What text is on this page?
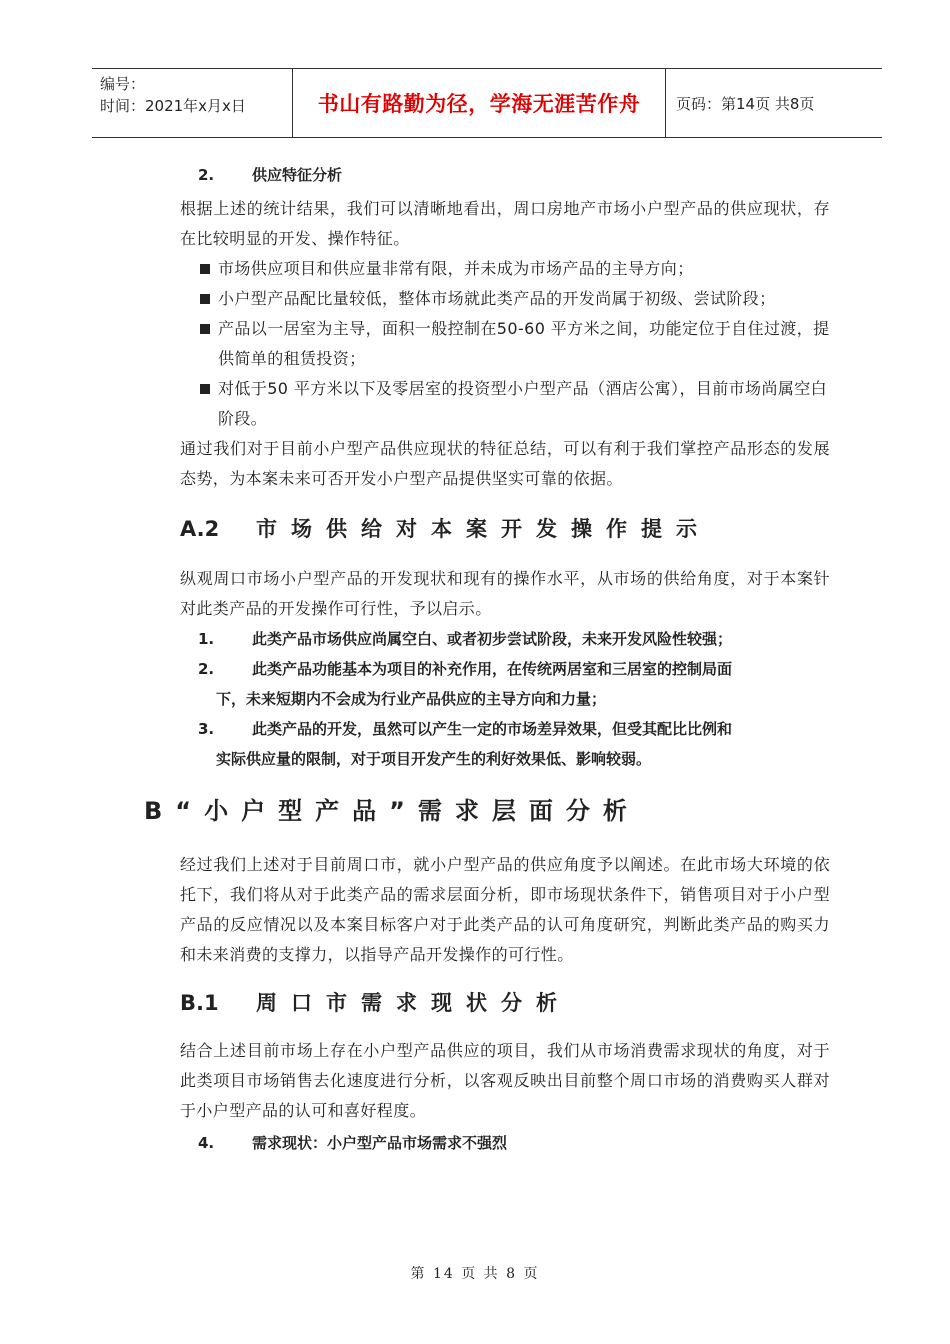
编号：
时间：2021年x月x日	书山有路勤为径，学海无涯苦作舟	页码：第14页 共8页
2.	供应特征分析

根据上述的统计结果，我们可以清晰地看出，周口房地产市场小户型产品的供应现状，存在比较明显的开发、操作特征。

市场供应项目和供应量非常有限，并未成为市场产品的主导方向；
小户型产品配比量较低，整体市场就此类产品的开发尚属于初级、尝试阶段；
产品以一居室为主导，面积一般控制在50-60 平方米之间，功能定位于自住过渡，提供简单的租赁投资；
对低于50 平方米以下及零居室的投资型小户型产品（酒店公寓），目前市场尚属空白阶段。

通过我们对于目前小户型产品供应现状的特征总结，可以有利于我们掌控产品形态的发展态势，为本案未来可否开发小户型产品提供坚实可靠的依据。

A.2	市场供给对本案开发操作提示

纵观周口市场小户型产品的开发现状和现有的操作水平，从市场的供给角度，对于本案针对此类产品的开发操作可行性，予以启示。

1.	此类产品市场供应尚属空白、或者初步尝试阶段，未来开发风险性较强；
2.	此类产品功能基本为项目的补充作用，在传统两居室和三居室的控制局面
下，未来短期内不会成为行业产品供应的主导方向和力量；
3.	此类产品的开发，虽然可以产生一定的市场差异效果，但受其配比比例和
实际供应量的限制，对于项目开发产生的利好效果低、影响较弱。
B“小户型产品”需求层面分析

经过我们上述对于目前周口市，就小户型产品的供应角度予以阐述。在此市场大环境的依托下，我们将从对于此类产品的需求层面分析，即市场现状条件下，销售项目对于小户型产品的反应情况以及本案目标客户对于此类产品的认可角度研究，判断此类产品的购买力和未来消费的支撑力，以指导产品开发操作的可行性。

B.1	周口市需求现状分析

结合上述目前市场上存在小户型产品供应的项目，我们从市场消费需求现状的角度，对于此类项目市场销售去化速度进行分析，以客观反映出目前整个周口市场的消费购买人群对于小户型产品的认可和喜好程度。

4.	需求现状：小户型产品市场需求不强烈
第 14 页 共 8 页
